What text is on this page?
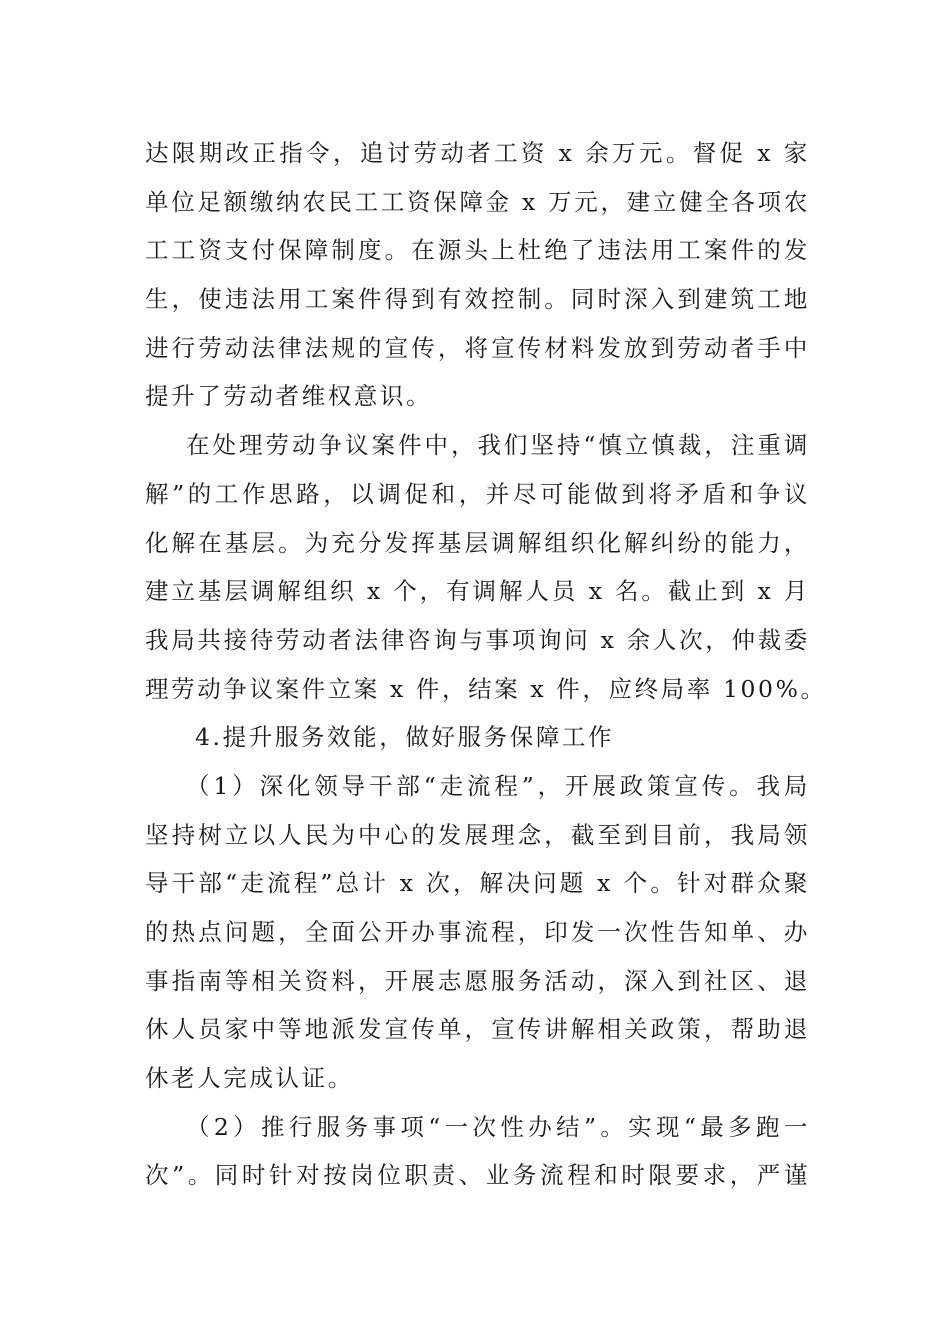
达限期改正指令，追讨劳动者工资 x 余万元。督促 x 家
单位足额缴纳农民工工资保障金 x 万元，建立健全各项农
工工资支付保障制度。在源头上杜绝了违法用工案件的发
生，使违法用工案件得到有效控制。同时深入到建筑工地
进行劳动法律法规的宣传，将宣传材料发放到劳动者手中
提升了劳动者维权意识。
在处理劳动争议案件中，我们坚持“慎立慎裁，注重调
解”的工作思路，以调促和，并尽可能做到将矛盾和争议
化解在基层。为充分发挥基层调解组织化解纠纷的能力，
建立基层调解组织 x 个，有调解人员 x 名。截止到 x 月
我局共接待劳动者法律咨询与事项询问 x 余人次，仲裁委
理劳动争议案件立案 x 件，结案 x 件，应终局率 100%。
4.提升服务效能，做好服务保障工作
（1）深化领导干部“走流程”，开展政策宣传。我局
坚持树立以人民为中心的发展理念，截至到目前，我局领
导干部“走流程”总计 x 次，解决问题 x 个。针对群众聚
的热点问题，全面公开办事流程，印发一次性告知单、办
事指南等相关资料，开展志愿服务活动，深入到社区、退
休人员家中等地派发宣传单，宣传讲解相关政策，帮助退
休老人完成认证。
（2）推行服务事项“一次性办结”。实现“最多跑一
次”。同时针对按岗位职责、业务流程和时限要求，严谨
